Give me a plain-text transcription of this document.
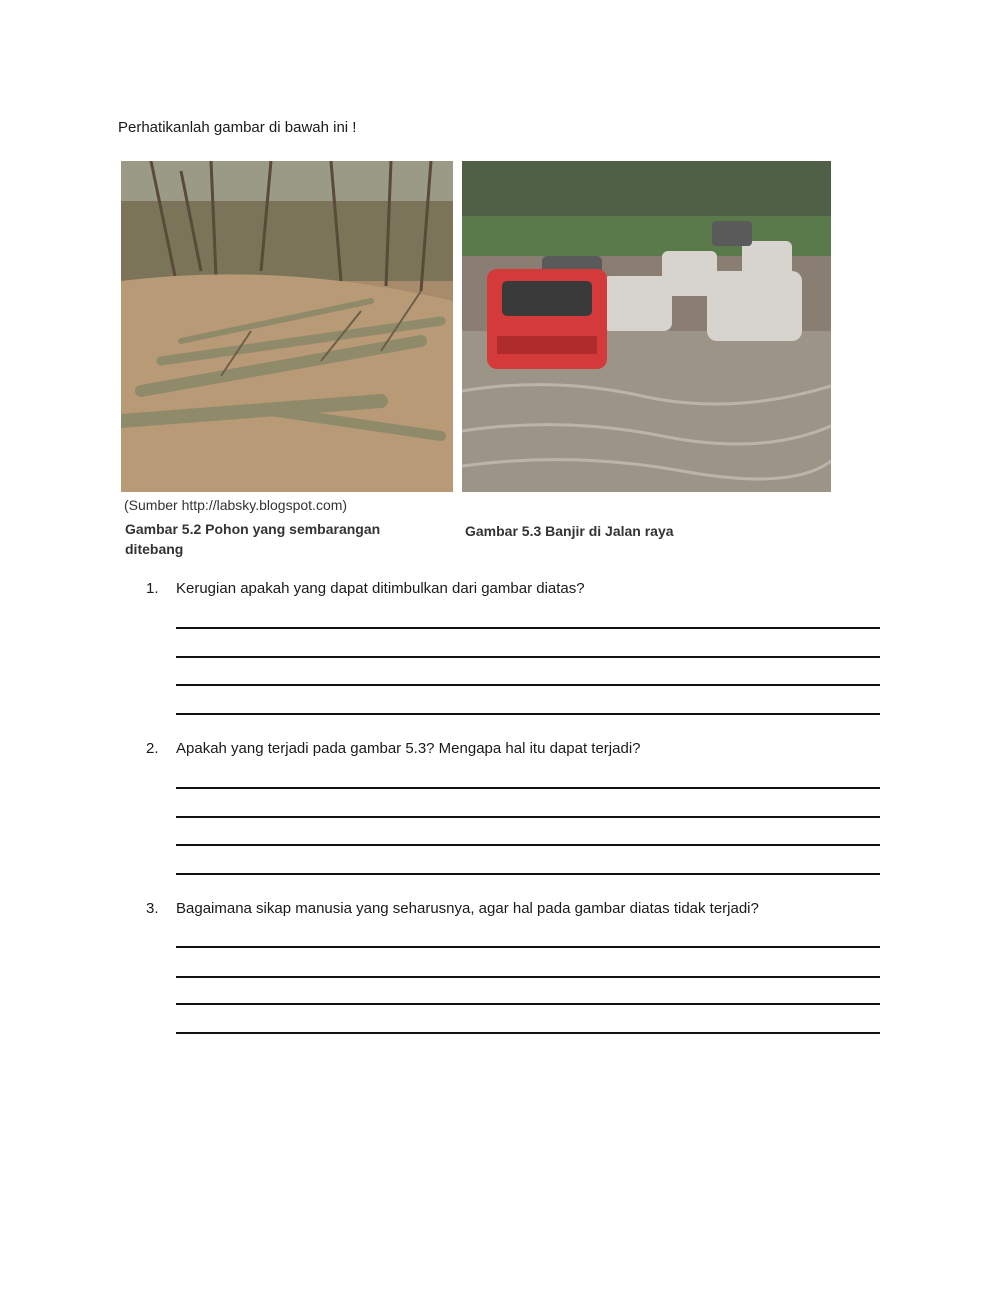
Perhatikanlah gambar di bawah ini !
(Sumber http://labsky.blogspot.com)
Gambar 5.2 Pohon yang sembarangan ditebang
Gambar 5.3 Banjir di Jalan raya
1.	Kerugian apakah yang dapat ditimbulkan dari gambar diatas?
2.	Apakah yang terjadi pada gambar 5.3? Mengapa hal itu dapat terjadi?
3.	Bagaimana sikap manusia yang seharusnya, agar hal pada gambar diatas tidak terjadi?
